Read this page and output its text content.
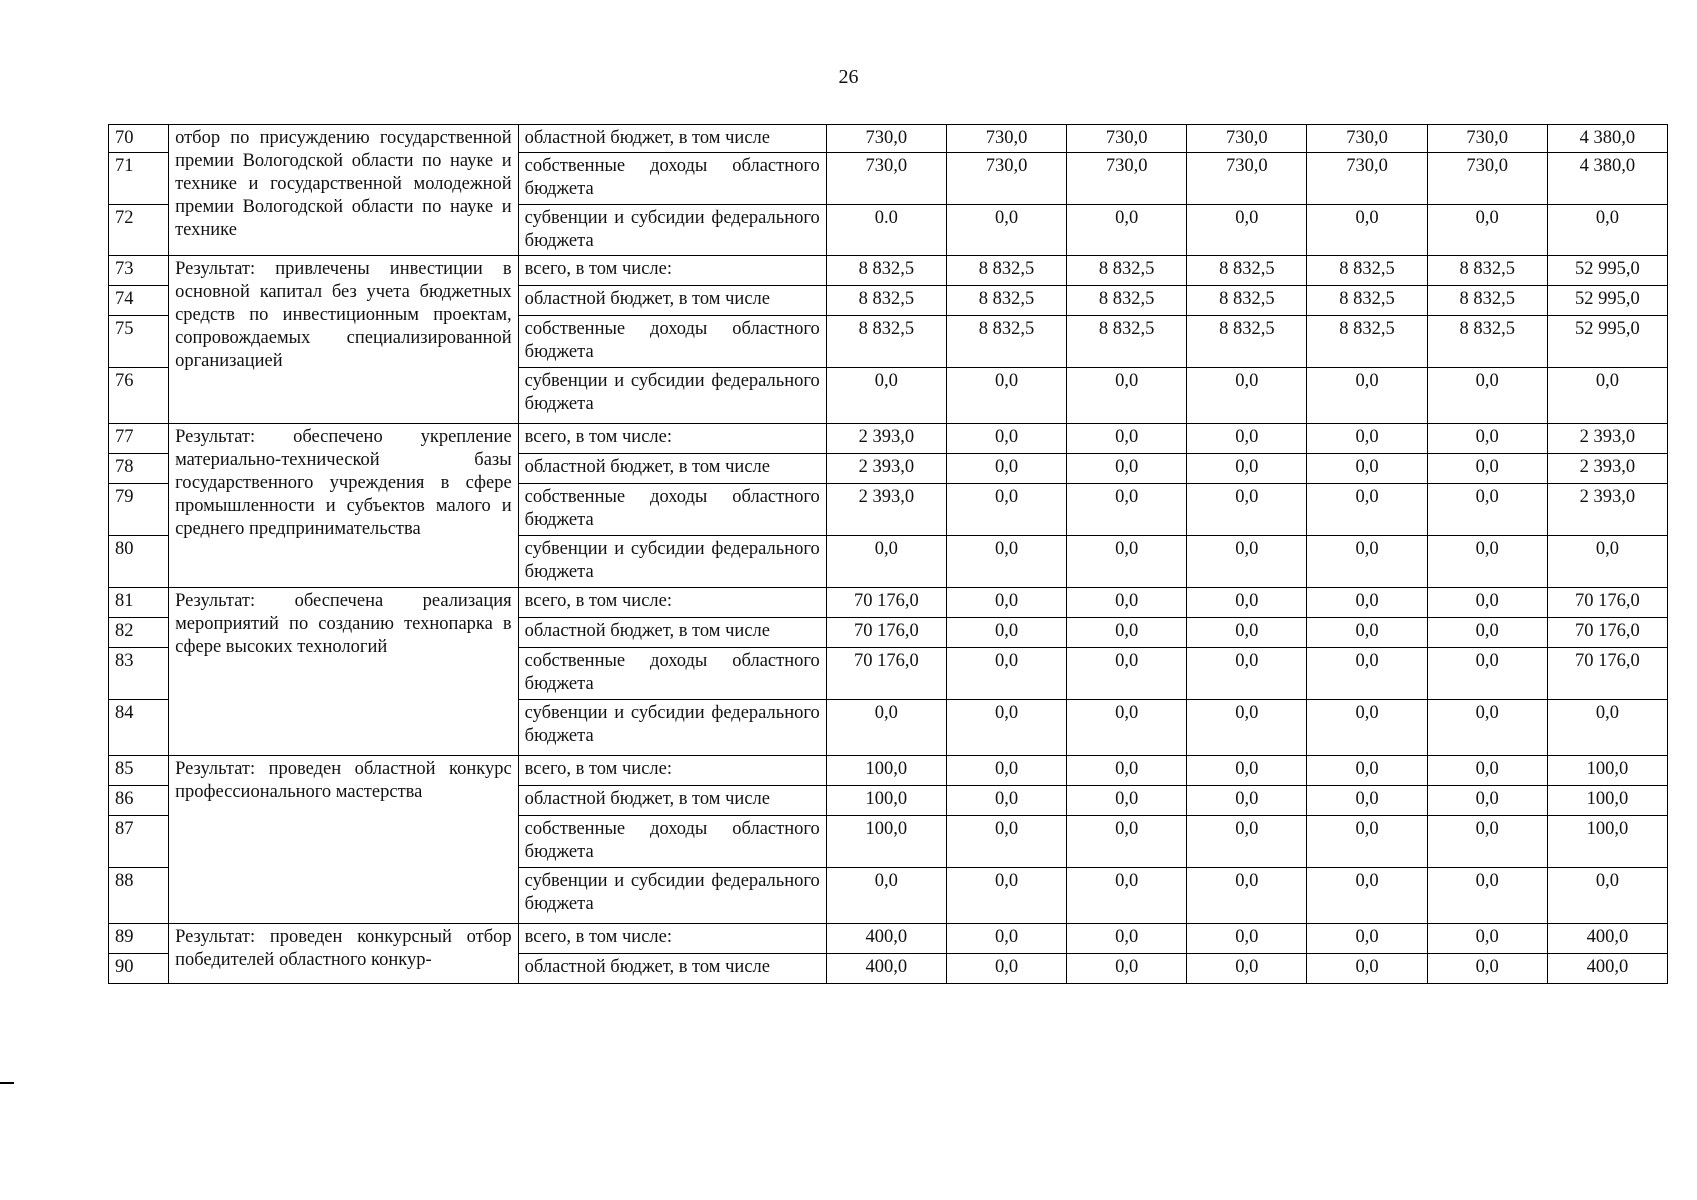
26
70	отбор по присуждению государственной премии Вологодской области по науке и технике и государственной молодежной премии Вологодской области по науке и технике	областной бюджет, в том числе	730,0	730,0	730,0	730,0	730,0	730,0	4 380,0
71		собственные доходы областного бюджета	730,0	730,0	730,0	730,0	730,0	730,0	4 380,0
72		субвенции и субсидии федерального бюджета	0.0	0,0	0,0	0,0	0,0	0,0	0,0
73	Результат: привлечены инвестиции в основной капитал без учета бюджетных средств по инвестиционным проектам, сопровождаемых специализированной организацией	всего, в том числе:	8 832,5	8 832,5	8 832,5	8 832,5	8 832,5	8 832,5	52 995,0
74		областной бюджет, в том числе	8 832,5	8 832,5	8 832,5	8 832,5	8 832,5	8 832,5	52 995,0
75		собственные доходы областного бюджета	8 832,5	8 832,5	8 832,5	8 832,5	8 832,5	8 832,5	52 995,0
76		субвенции и субсидии федерального бюджета	0,0	0,0	0,0	0,0	0,0	0,0	0,0
77	Результат: обеспечено укрепление материально-технической базы государственного учреждения в сфере промышленности и субъектов малого и среднего предпринимательства	всего, в том числе:	2 393,0	0,0	0,0	0,0	0,0	0,0	2 393,0
78		областной бюджет, в том числе	2 393,0	0,0	0,0	0,0	0,0	0,0	2 393,0
79		собственные доходы областного бюджета	2 393,0	0,0	0,0	0,0	0,0	0,0	2 393,0
80		субвенции и субсидии федерального бюджета	0,0	0,0	0,0	0,0	0,0	0,0	0,0
81	Результат: обеспечена реализация мероприятий по созданию технопарка в сфере высоких технологий	всего, в том числе:	70 176,0	0,0	0,0	0,0	0,0	0,0	70 176,0
82		областной бюджет, в том числе	70 176,0	0,0	0,0	0,0	0,0	0,0	70 176,0
83		собственные доходы областного бюджета	70 176,0	0,0	0,0	0,0	0,0	0,0	70 176,0
84		субвенции и субсидии федерального бюджета	0,0	0,0	0,0	0,0	0,0	0,0	0,0
85	Результат: проведен областной конкурс профессионального мастерства	всего, в том числе:	100,0	0,0	0,0	0,0	0,0	0,0	100,0
86		областной бюджет, в том числе	100,0	0,0	0,0	0,0	0,0	0,0	100,0
87		собственные доходы областного бюджета	100,0	0,0	0,0	0,0	0,0	0,0	100,0
88		субвенции и субсидии федерального бюджета	0,0	0,0	0,0	0,0	0,0	0,0	0,0
89	Результат: проведен конкурсный отбор победителей областного конкур-	всего, в том числе:	400,0	0,0	0,0	0,0	0,0	0,0	400,0
90		областной бюджет, в том числе	400,0	0,0	0,0	0,0	0,0	0,0	400,0
